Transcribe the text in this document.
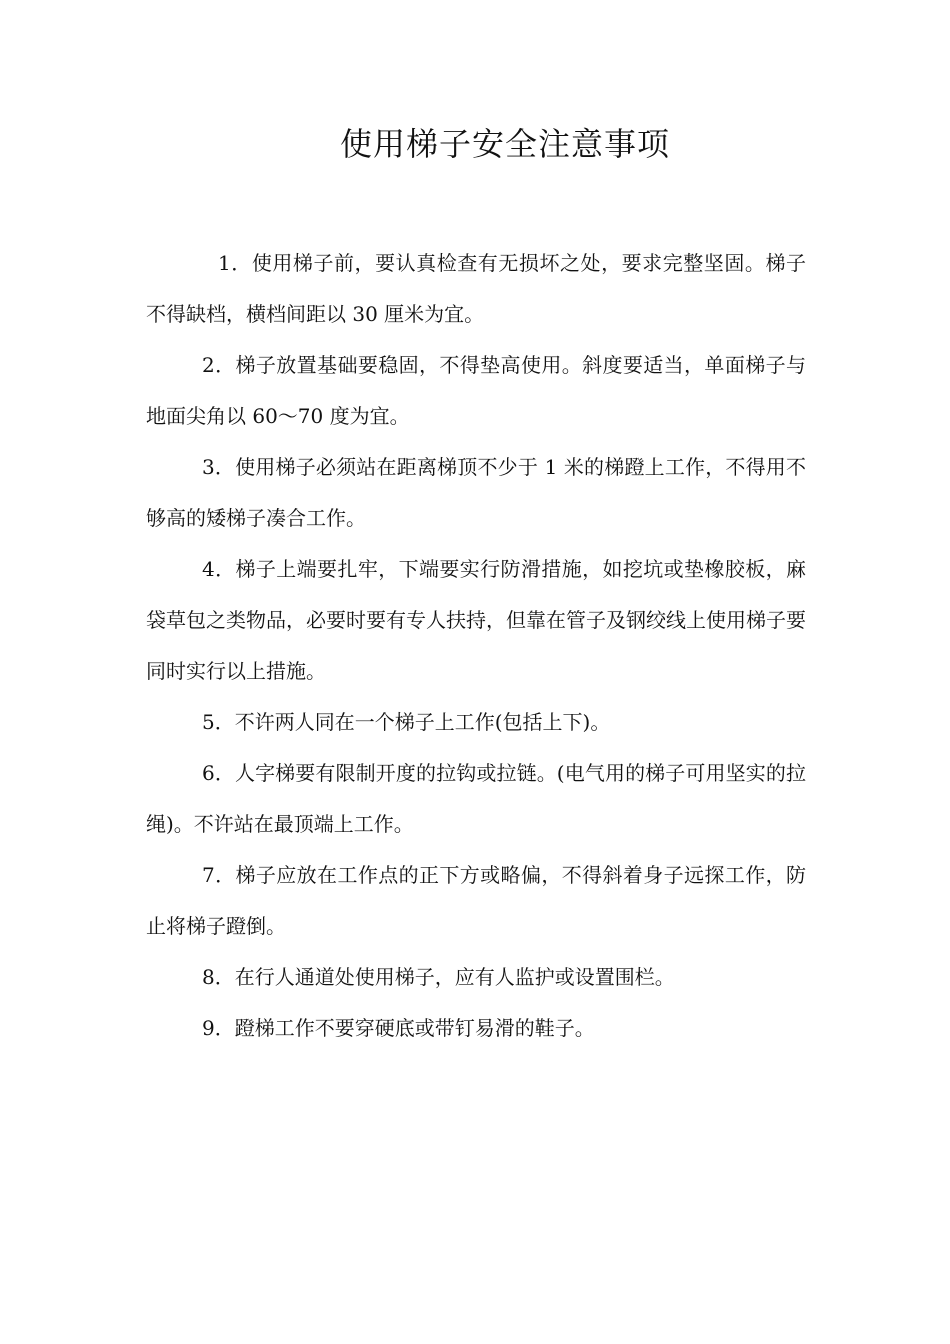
使用梯子安全注意事项

1．使用梯子前，要认真检查有无损坏之处，要求完整坚固。梯子不得缺档，横档间距以 30 厘米为宜。

2．梯子放置基础要稳固，不得垫高使用。斜度要适当，单面梯子与地面尖角以 60～70 度为宜。

3．使用梯子必须站在距离梯顶不少于 1 米的梯蹬上工作，不得用不够高的矮梯子凑合工作。

4．梯子上端要扎牢，下端要实行防滑措施，如挖坑或垫橡胶板，麻袋草包之类物品，必要时要有专人扶持，但靠在管子及钢绞线上使用梯子要同时实行以上措施。

5．不许两人同在一个梯子上工作(包括上下)。

6．人字梯要有限制开度的拉钩或拉链。(电气用的梯子可用坚实的拉绳)。不许站在最顶端上工作。

7．梯子应放在工作点的正下方或略偏，不得斜着身子远探工作，防止将梯子蹬倒。

8．在行人通道处使用梯子，应有人监护或设置围栏。

9．蹬梯工作不要穿硬底或带钉易滑的鞋子。
